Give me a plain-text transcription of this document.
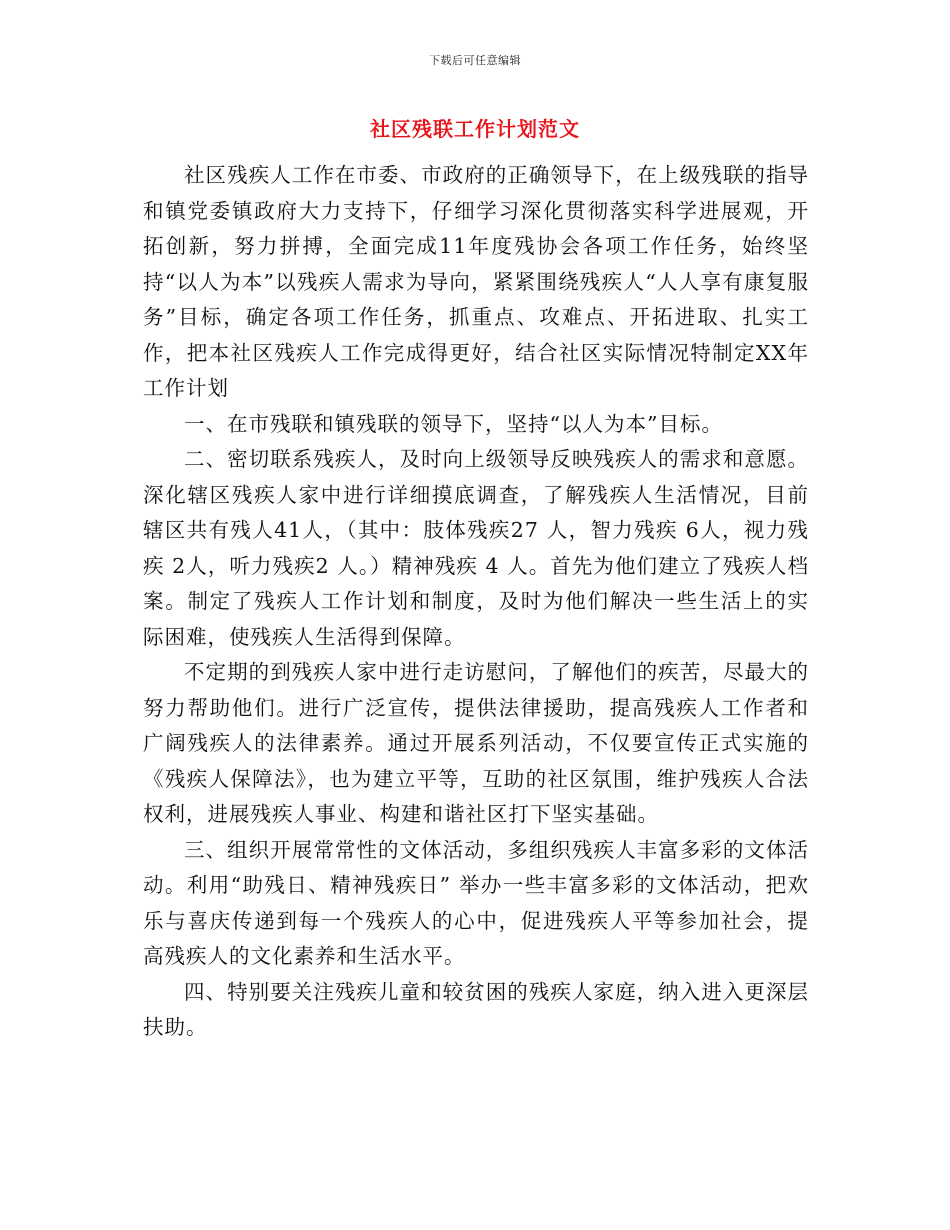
下载后可任意编辑
社区残联工作计划范文

社区残疾人工作在市委、市政府的正确领导下，在上级残联的指导和镇党委镇政府大力支持下，仔细学习深化贯彻落实科学进展观，开拓创新，努力拼搏，全面完成11年度残协会各项工作任务，始终坚持“以人为本”以残疾人需求为导向，紧紧围绕残疾人“人人享有康复服务”目标，确定各项工作任务，抓重点、攻难点、开拓进取、扎实工作，把本社区残疾人工作完成得更好，结合社区实际情况特制定XX年工作计划

一、在市残联和镇残联的领导下，坚持“以人为本”目标。

二、密切联系残疾人，及时向上级领导反映残疾人的需求和意愿。深化辖区残疾人家中进行详细摸底调查，了解残疾人生活情况，目前辖区共有残人41人，（其中：肢体残疾27 人，智力残疾 6人，视力残疾 2人，听力残疾2 人。）精神残疾 4 人。首先为他们建立了残疾人档案。制定了残疾人工作计划和制度，及时为他们解决一些生活上的实际困难，使残疾人生活得到保障。

不定期的到残疾人家中进行走访慰问，了解他们的疾苦，尽最大的努力帮助他们。进行广泛宣传，提供法律援助，提高残疾人工作者和广阔残疾人的法律素养。通过开展系列活动，不仅要宣传正式实施的《残疾人保障法》，也为建立平等，互助的社区氛围，维护残疾人合法权利，进展残疾人事业、构建和谐社区打下坚实基础。

三、组织开展常常性的文体活动，多组织残疾人丰富多彩的文体活动。利用“助残日、精神残疾日” 举办一些丰富多彩的文体活动，把欢乐与喜庆传递到每一个残疾人的心中，促进残疾人平等参加社会，提高残疾人的文化素养和生活水平。

四、特别要关注残疾儿童和较贫困的残疾人家庭，纳入进入更深层扶助。
